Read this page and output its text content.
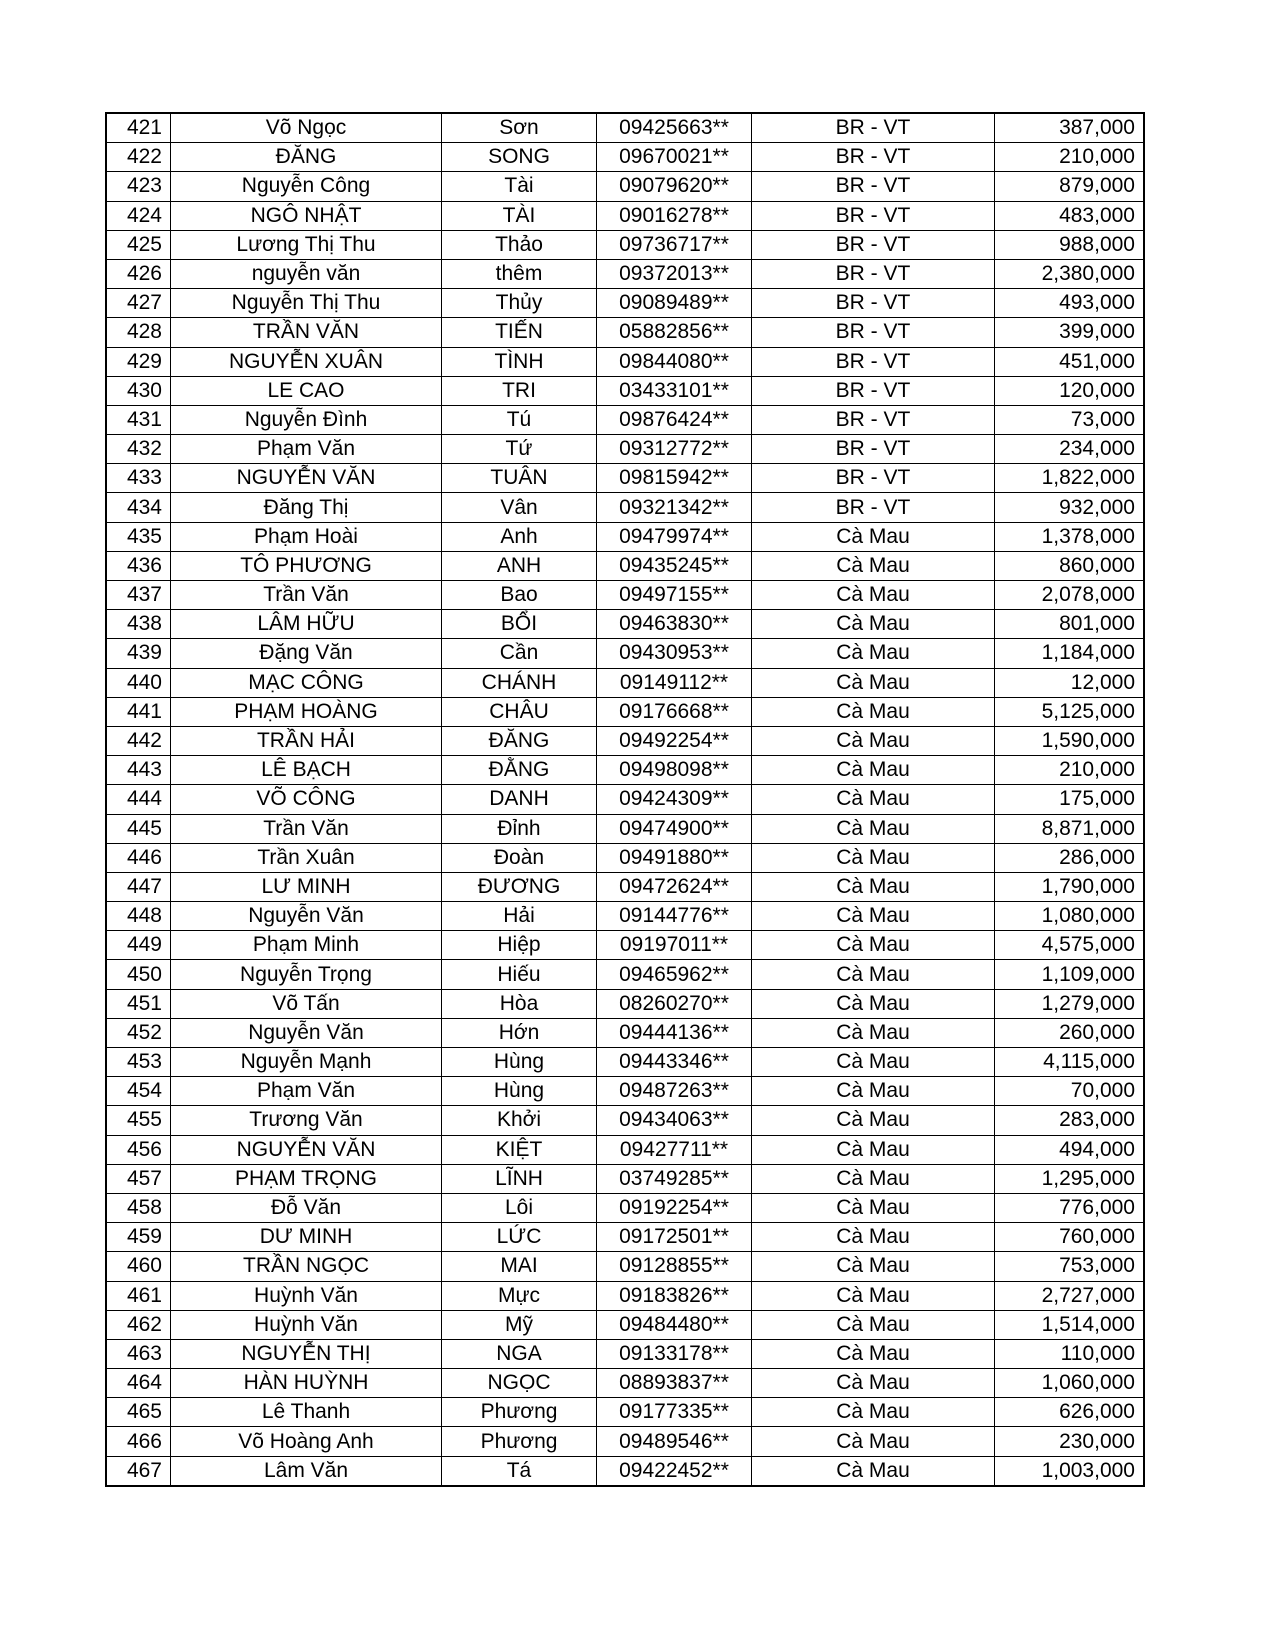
421	Võ Ngọc	Sơn	09425663**	BR - VT	387,000
422	ĐĂNG	SONG	09670021**	BR - VT	210,000
423	Nguyễn Công	Tài	09079620**	BR - VT	879,000
424	NGÔ NHẬT	TÀI	09016278**	BR - VT	483,000
425	Lương Thị Thu	Thảo	09736717**	BR - VT	988,000
426	nguyễn văn	thêm	09372013**	BR - VT	2,380,000
427	Nguyễn Thị Thu	Thủy	09089489**	BR - VT	493,000
428	TRẦN VĂN	TIẾN	05882856**	BR - VT	399,000
429	NGUYỄN XUÂN	TÌNH	09844080**	BR - VT	451,000
430	LE CAO	TRI	03433101**	BR - VT	120,000
431	Nguyễn Đình	Tú	09876424**	BR - VT	73,000
432	Phạm Văn	Tứ	09312772**	BR - VT	234,000
433	NGUYỄN VĂN	TUÂN	09815942**	BR - VT	1,822,000
434	Đăng Thị	Vân	09321342**	BR - VT	932,000
435	Phạm Hoài	Anh	09479974**	Cà Mau	1,378,000
436	TÔ PHƯƠNG	ANH	09435245**	Cà Mau	860,000
437	Trần Văn	Bao	09497155**	Cà Mau	2,078,000
438	LÂM HỮU	BỔI	09463830**	Cà Mau	801,000
439	Đặng Văn	Cần	09430953**	Cà Mau	1,184,000
440	MẠC CÔNG	CHÁNH	09149112**	Cà Mau	12,000
441	PHẠM HOÀNG	CHÂU	09176668**	Cà Mau	5,125,000
442	TRẦN HẢI	ĐĂNG	09492254**	Cà Mau	1,590,000
443	LÊ BẠCH	ĐẰNG	09498098**	Cà Mau	210,000
444	VÕ CÔNG	DANH	09424309**	Cà Mau	175,000
445	Trần Văn	Đỉnh	09474900**	Cà Mau	8,871,000
446	Trần Xuân	Đoàn	09491880**	Cà Mau	286,000
447	LƯ MINH	ĐƯƠNG	09472624**	Cà Mau	1,790,000
448	Nguyễn Văn	Hải	09144776**	Cà Mau	1,080,000
449	Phạm Minh	Hiệp	09197011**	Cà Mau	4,575,000
450	Nguyễn Trọng	Hiếu	09465962**	Cà Mau	1,109,000
451	Võ Tấn	Hòa	08260270**	Cà Mau	1,279,000
452	Nguyễn Văn	Hớn	09444136**	Cà Mau	260,000
453	Nguyễn Mạnh	Hùng	09443346**	Cà Mau	4,115,000
454	Phạm Văn	Hùng	09487263**	Cà Mau	70,000
455	Trương Văn	Khởi	09434063**	Cà Mau	283,000
456	NGUYỄN VĂN	KIỆT	09427711**	Cà Mau	494,000
457	PHẠM TRỌNG	LĨNH	03749285**	Cà Mau	1,295,000
458	Đỗ Văn	Lôi	09192254**	Cà Mau	776,000
459	DƯ MINH	LỨC	09172501**	Cà Mau	760,000
460	TRẦN NGỌC	MAI	09128855**	Cà Mau	753,000
461	Huỳnh Văn	Mực	09183826**	Cà Mau	2,727,000
462	Huỳnh Văn	Mỹ	09484480**	Cà Mau	1,514,000
463	NGUYỄN THỊ	NGA	09133178**	Cà Mau	110,000
464	HÀN HUỲNH	NGỌC	08893837**	Cà Mau	1,060,000
465	Lê Thanh	Phương	09177335**	Cà Mau	626,000
466	Võ Hoàng Anh	Phương	09489546**	Cà Mau	230,000
467	Lâm Văn	Tá	09422452**	Cà Mau	1,003,000
